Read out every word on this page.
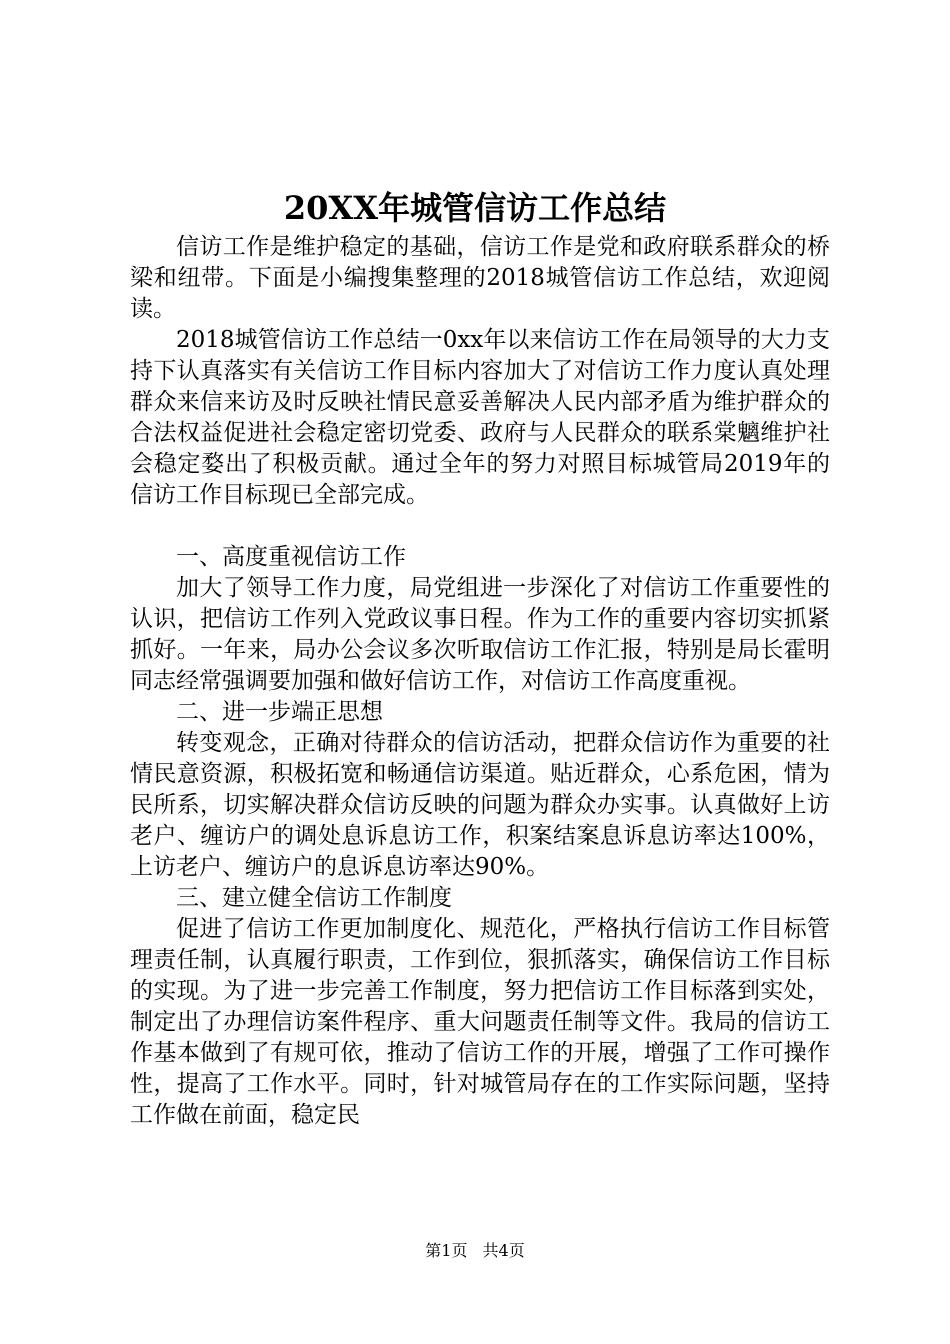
20XX年城管信访工作总结

信访工作是维护稳定的基础，信访工作是党和政府联系群众的桥梁和纽带。下面是小编搜集整理的2018城管信访工作总结，欢迎阅读。

2018城管信访工作总结一0xx年以来信访工作在局领导的大力支持下认真落实有关信访工作目标内容加大了对信访工作力度认真处理群众来信来访及时反映社情民意妥善解决人民内部矛盾为维护群众的合法权益促进社会稳定密切党委、政府与人民群众的联系棠魑维护社会稳定婺出了积极贡献。通过全年的努力对照目标城管局2019年的信访工作目标现已全部完成。

一、高度重视信访工作

加大了领导工作力度，局党组进一步深化了对信访工作重要性的认识，把信访工作列入党政议事日程。作为工作的重要内容切实抓紧抓好。一年来，局办公会议多次听取信访工作汇报，特别是局长霍明同志经常强调要加强和做好信访工作，对信访工作高度重视。

二、进一步端正思想

转变观念，正确对待群众的信访活动，把群众信访作为重要的社情民意资源，积极拓宽和畅通信访渠道。贴近群众，心系危困，情为民所系，切实解决群众信访反映的问题为群众办实事。认真做好上访老户、缠访户的调处息诉息访工作，积案结案息诉息访率达100%，上访老户、缠访户的息诉息访率达90%。

三、建立健全信访工作制度

促进了信访工作更加制度化、规范化，严格执行信访工作目标管理责任制，认真履行职责，工作到位，狠抓落实，确保信访工作目标的实现。为了进一步完善工作制度，努力把信访工作目标落到实处，制定出了办理信访案件程序、重大问题责任制等文件。我局的信访工作基本做到了有规可依，推动了信访工作的开展，增强了工作可操作性，提高了工作水平。同时，针对城管局存在的工作实际问题，坚持工作做在前面，稳定民

第1页 共4页
